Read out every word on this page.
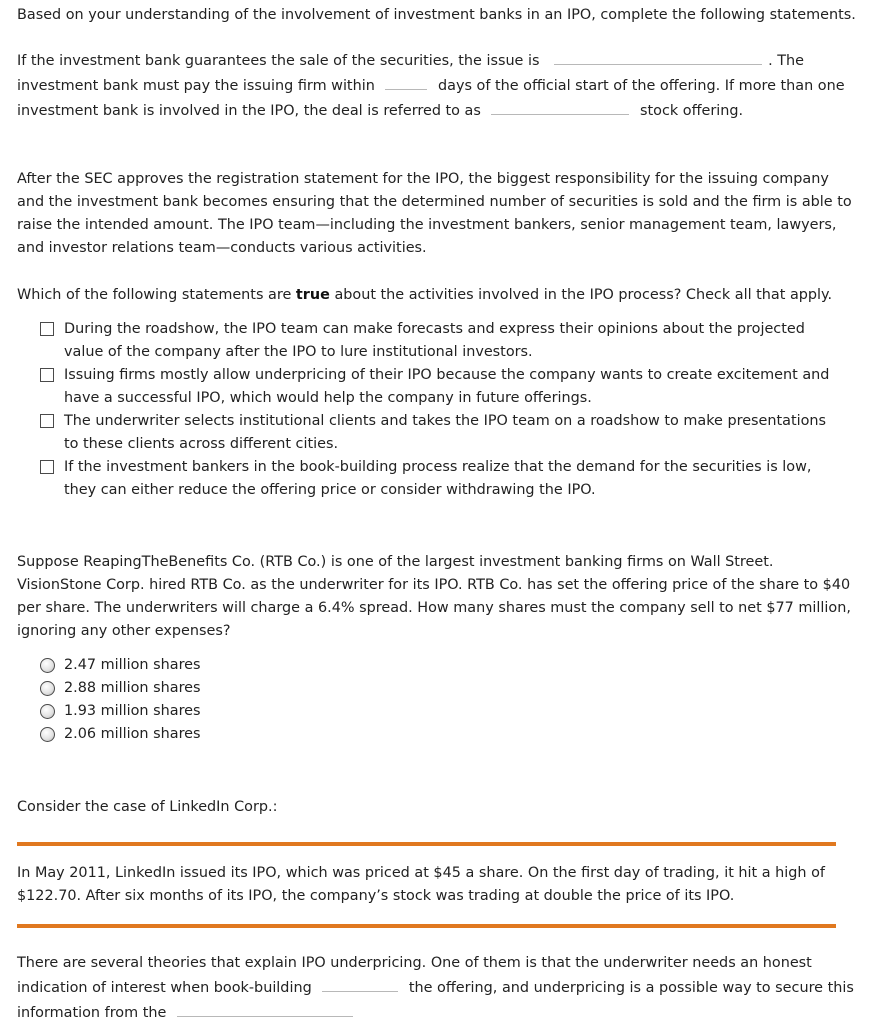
Based on your understanding of the involvement of investment banks in an IPO, complete the following statements.

If the investment bank guarantees the sale of the securities, the issue is	. The investment bank must pay the issuing firm within	days of the official start of the offering. If more than one investment bank is involved in the IPO, the deal is referred to as	stock offering.

After the SEC approves the registration statement for the IPO, the biggest responsibility for the issuing company and the investment bank becomes ensuring that the determined number of securities is sold and the firm is able to raise the intended amount. The IPO team—including the investment bankers, senior management team, lawyers, and investor relations team—conducts various activities.

Which of the following statements are true about the activities involved in the IPO process? Check all that apply.

During the roadshow, the IPO team can make forecasts and express their opinions about the projected value of the company after the IPO to lure institutional investors.
Issuing firms mostly allow underpricing of their IPO because the company wants to create excitement and have a successful IPO, which would help the company in future offerings.
The underwriter selects institutional clients and takes the IPO team on a roadshow to make presentations to these clients across different cities.
If the investment bankers in the book-building process realize that the demand for the securities is low, they can either reduce the offering price or consider withdrawing the IPO.

Suppose ReapingTheBenefits Co. (RTB Co.) is one of the largest investment banking firms on Wall Street. VisionStone Corp. hired RTB Co. as the underwriter for its IPO. RTB Co. has set the offering price of the share to $40 per share. The underwriters will charge a 6.4% spread. How many shares must the company sell to net $77 million, ignoring any other expenses?

2.47 million shares
2.88 million shares
1.93 million shares
2.06 million shares

Consider the case of LinkedIn Corp.:

In May 2011, LinkedIn issued its IPO, which was priced at $45 a share. On the first day of trading, it hit a high of $122.70. After six months of its IPO, the company’s stock was trading at double the price of its IPO.

There are several theories that explain IPO underpricing. One of them is that the underwriter needs an honest indication of interest when book-building	the offering, and underpricing is a possible way to secure this information from the
